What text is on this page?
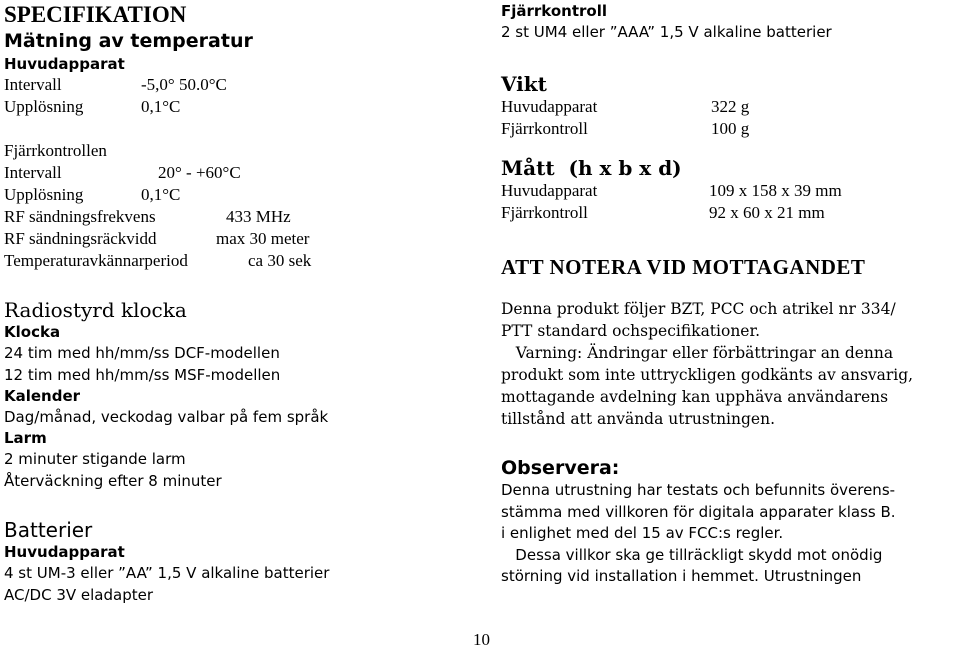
SPECIFIKATION
Mätning av temperatur
Huvudapparat
Intervall	-5,0° 50.0°C
Upplösning	0,1°C
Fjärrkontrollen
Intervall	20° - +60°C
Upplösning	0,1°C
RF sändningsfrekvens	433 MHz
RF sändningsräckvidd	max 30 meter
Temperaturavkännarperiod	ca 30 sek
Radiostyrd klocka
Klocka
24 tim med hh/mm/ss DCF-modellen
12 tim med hh/mm/ss MSF-modellen
Kalender
Dag/månad, veckodag valbar på fem språk
Larm
2 minuter stigande larm
Återväckning efter 8 minuter
Batterier
Huvudapparat
4 st UM-3 eller ”AA” 1,5 V alkaline batterier
AC/DC 3V eladapter
10
Fjärrkontroll
2 st UM4 eller ”AAA” 1,5 V alkaline batterier
Vikt
Huvudapparat	322 g
Fjärrkontroll	100 g
Mått  (h x b x d)
Huvudapparat	109 x 158 x 39 mm
Fjärrkontroll	92 x 60 x 21 mm
ATT NOTERA VID MOTTAGANDET
Denna produkt följer BZT, PCC och atrikel nr 334/
PTT standard ochspecifikationer.
Varning: Ändringar eller förbättringar an denna
produkt som inte uttryckligen godkänts av ansvarig,
mottagande avdelning kan upphäva användarens
tillstånd att använda utrustningen.
Observera:
Denna utrustning har testats och befunnits överens-
stämma med villkoren för digitala apparater klass B.
i enlighet med del 15 av FCC:s regler.
Dessa villkor ska ge tillräckligt skydd mot onödig
störning vid installation i hemmet. Utrustningen
